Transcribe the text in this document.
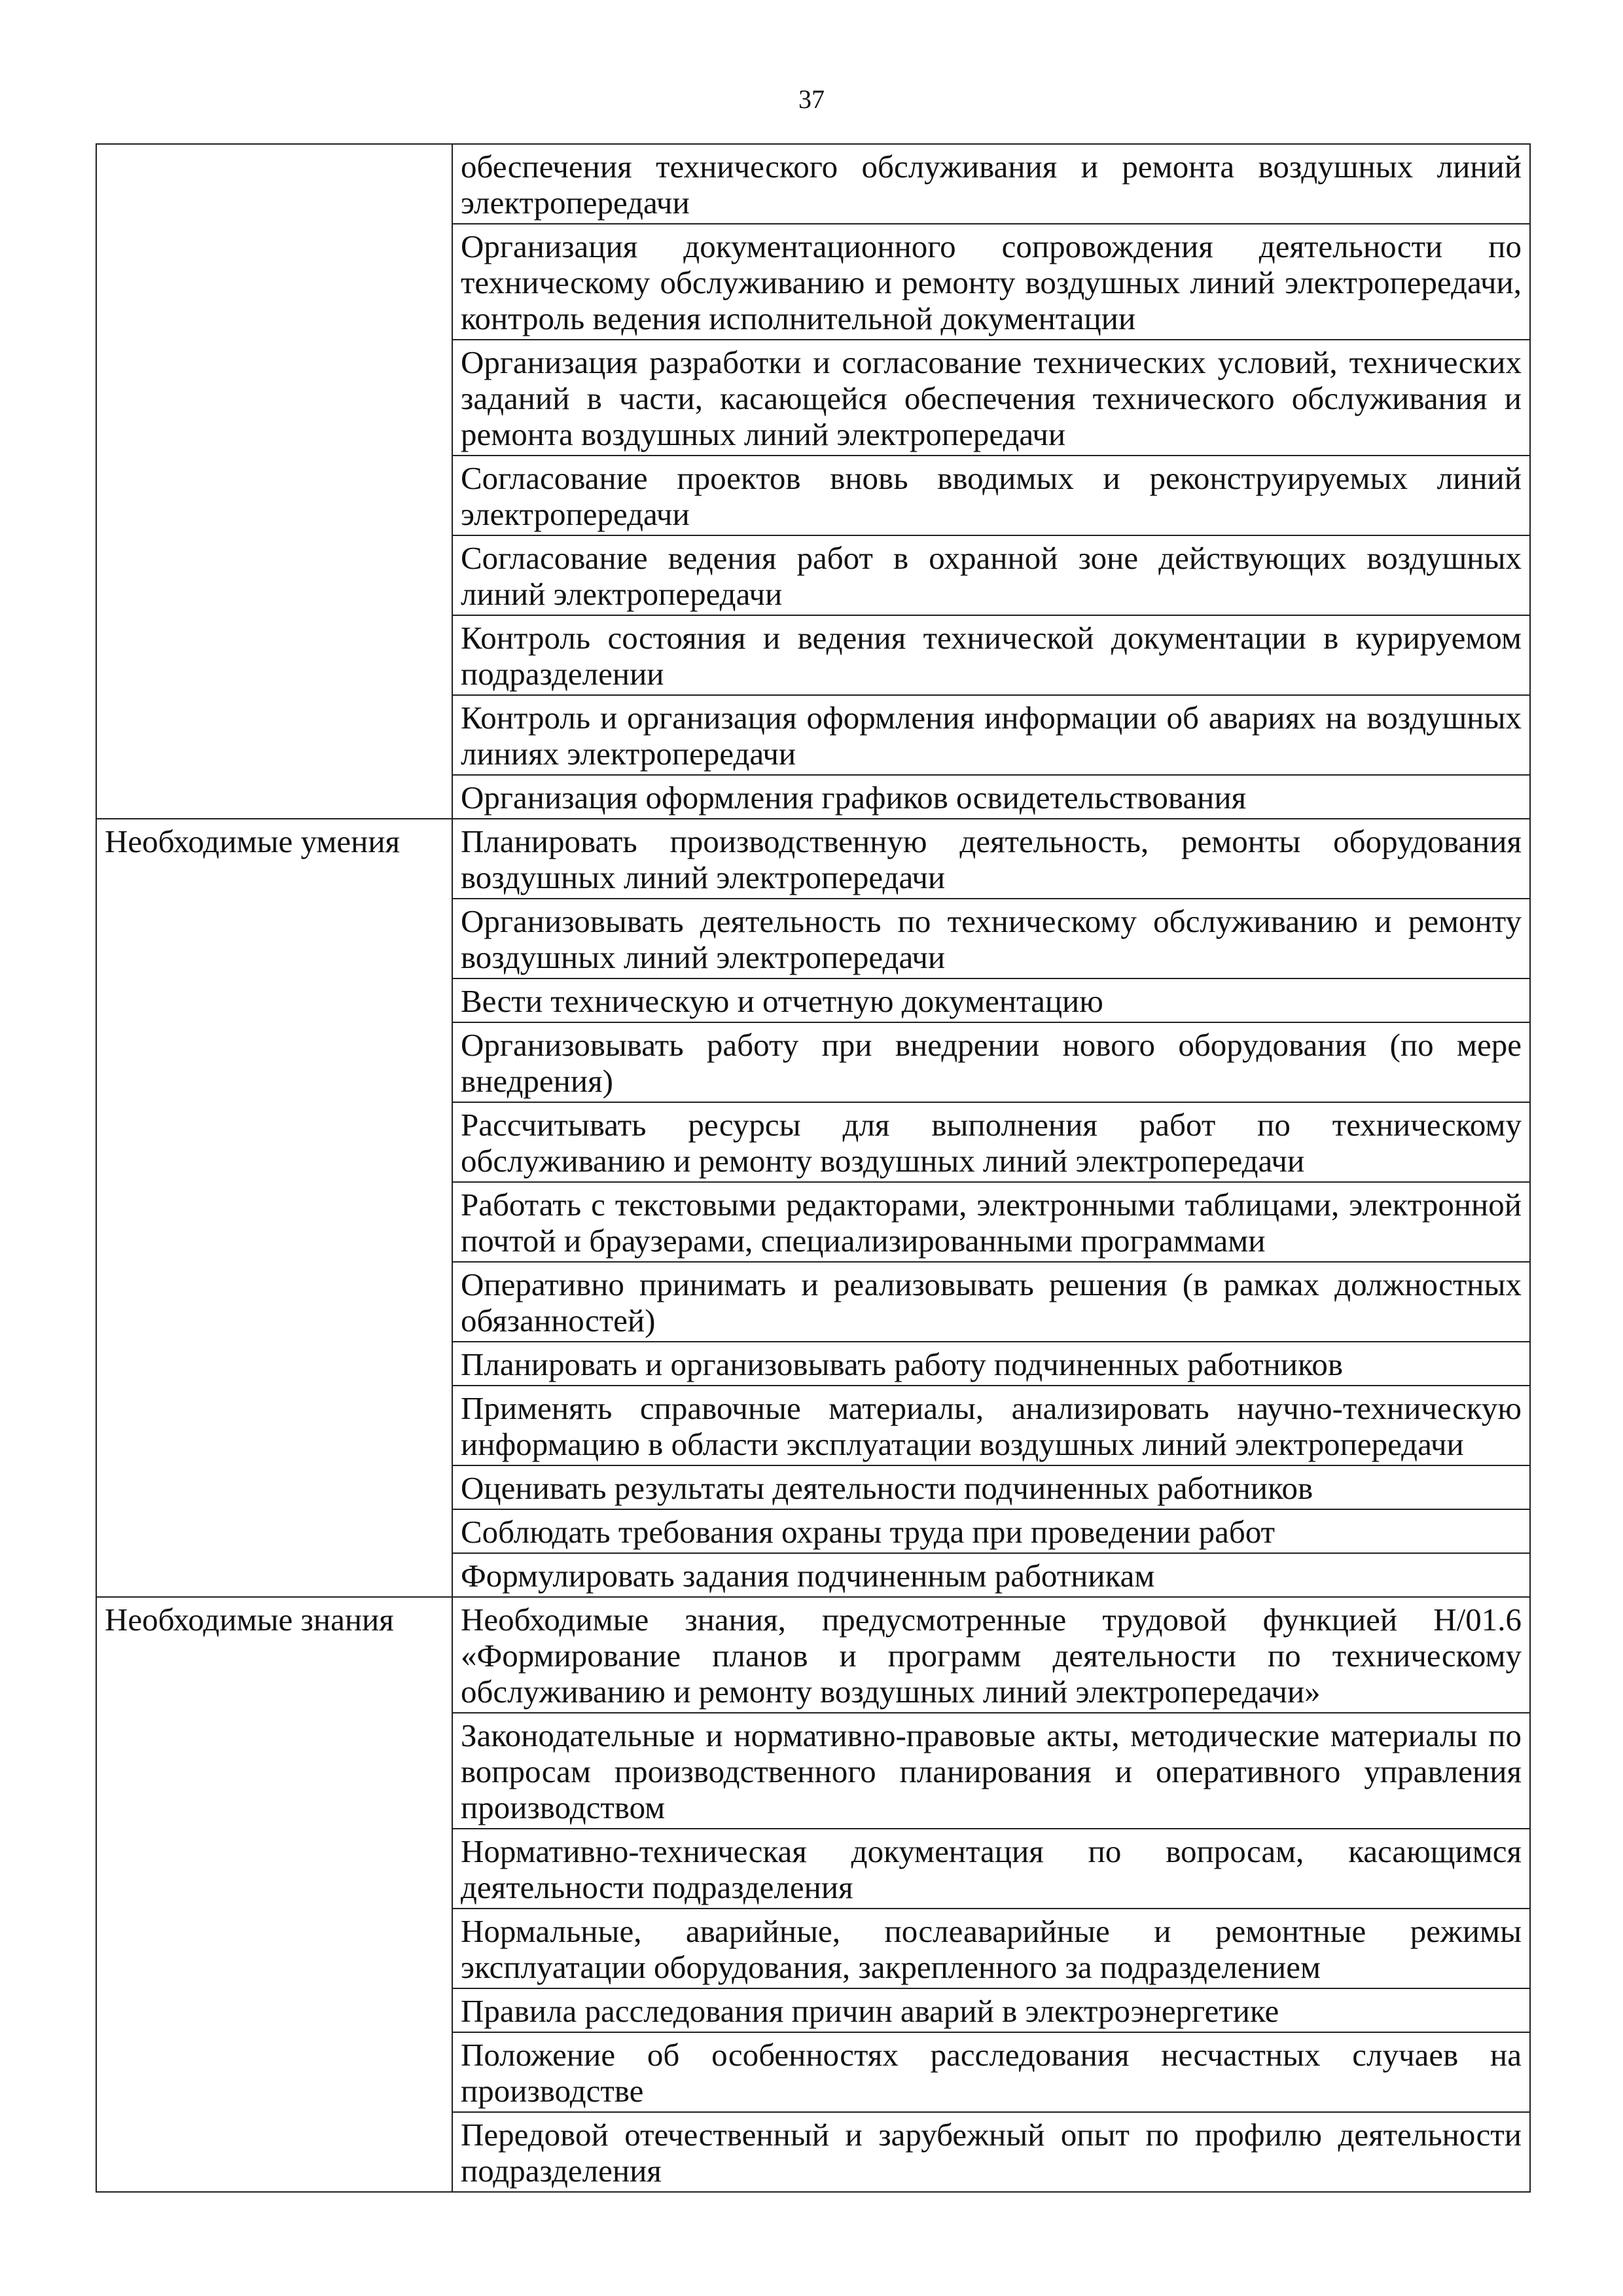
37
	обеспечения технического обслуживания и ремонта воздушных линий электропередачи
	Организация документационного сопровождения деятельности по техническому обслуживанию и ремонту воздушных линий электропередачи, контроль ведения исполнительной документации
	Организация разработки и согласование технических условий, технических заданий в части, касающейся обеспечения технического обслуживания и ремонта воздушных линий электропередачи
	Согласование проектов вновь вводимых и реконструируемых линий электропередачи
	Согласование ведения работ в охранной зоне действующих воздушных линий электропередачи
	Контроль состояния и ведения технической документации в курируемом подразделении
	Контроль и организация оформления информации об авариях на воздушных линиях электропередачи
	Организация оформления графиков освидетельствования
Необходимые умения	Планировать производственную деятельность, ремонты оборудования воздушных линий электропередачи
	Организовывать деятельность по техническому обслуживанию и ремонту воздушных линий электропередачи
	Вести техническую и отчетную документацию
	Организовывать работу при внедрении нового оборудования (по мере внедрения)
	Рассчитывать ресурсы для выполнения работ по техническому обслуживанию и ремонту воздушных линий электропередачи
	Работать с текстовыми редакторами, электронными таблицами, электронной почтой и браузерами, специализированными программами
	Оперативно принимать и реализовывать решения (в рамках должностных обязанностей)
	Планировать и организовывать работу подчиненных работников
	Применять справочные материалы, анализировать научно-техническую информацию в области эксплуатации воздушных линий электропередачи
	Оценивать результаты деятельности подчиненных работников
	Соблюдать требования охраны труда при проведении работ
	Формулировать задания подчиненным работникам
Необходимые знания	Необходимые знания, предусмотренные трудовой функцией H/01.6 «Формирование планов и программ деятельности по техническому обслуживанию и ремонту воздушных линий электропередачи»
	Законодательные и нормативно-правовые акты, методические материалы по вопросам производственного планирования и оперативного управления производством
	Нормативно-техническая документация по вопросам, касающимся деятельности подразделения
	Нормальные, аварийные, послеаварийные и ремонтные режимы эксплуатации оборудования, закрепленного за подразделением
	Правила расследования причин аварий в электроэнергетике
	Положение об особенностях расследования несчастных случаев на производстве
	Передовой отечественный и зарубежный опыт по профилю деятельности подразделения
